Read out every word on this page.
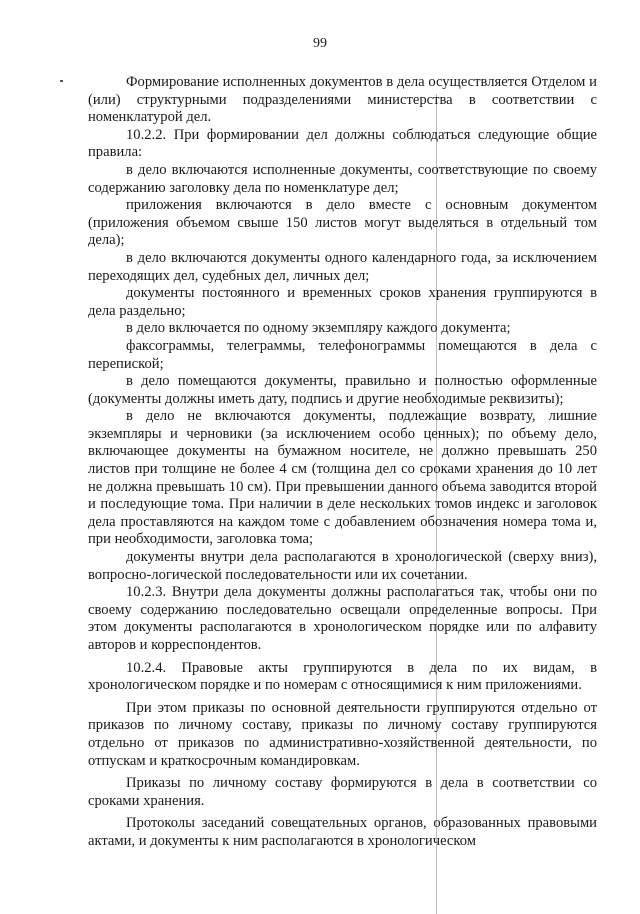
99

Формирование исполненных документов в дела осуществляется Отделом и (или) структурными подразделениями министерства в соответствии с номенклатурой дел.

10.2.2. При формировании дел должны соблюдаться следующие общие правила:

в дело включаются исполненные документы, соответствующие по своему содержанию заголовку дела по номенклатуре дел;

приложения включаются в дело вместе с основным документом (приложения объемом свыше 150 листов могут выделяться в отдельный том дела);

в дело включаются документы одного календарного года, за исключением переходящих дел, судебных дел, личных дел;

документы постоянного и временных сроков хранения группируются в дела раздельно;

в дело включается по одному экземпляру каждого документа;

факсограммы, телеграммы, телефонограммы помещаются в дела с перепиской;

в дело помещаются документы, правильно и полностью оформленные (документы должны иметь дату, подпись и другие необходимые реквизиты);

в дело не включаются документы, подлежащие возврату, лишние экземпляры и черновики (за исключением особо ценных); по объему дело, включающее документы на бумажном носителе, не должно превышать 250 листов при толщине не более 4 см (толщина дел со сроками хранения до 10 лет не должна превышать 10 см). При превышении данного объема заводится второй и последующие тома. При наличии в деле нескольких томов индекс и заголовок дела проставляются на каждом томе с добавлением обозначения номера тома и, при необходимости, заголовка тома;

документы внутри дела располагаются в хронологической (сверху вниз), вопросно-логической последовательности или их сочетании.

10.2.3. Внутри дела документы должны располагаться так, чтобы они по своему содержанию последовательно освещали определенные вопросы. При этом документы располагаются в хронологическом порядке или по алфавиту авторов и корреспондентов.

10.2.4. Правовые акты группируются в дела по их видам, в хронологическом порядке и по номерам с относящимися к ним приложениями.

При этом приказы по основной деятельности группируются отдельно от приказов по личному составу, приказы по личному составу группируются отдельно от приказов по административно-хозяйственной деятельности, по отпускам и краткосрочным командировкам.

Приказы по личному составу формируются в дела в соответствии со сроками хранения.

Протоколы заседаний совещательных органов, образованных правовыми актами, и документы к ним располагаются в хронологическом
